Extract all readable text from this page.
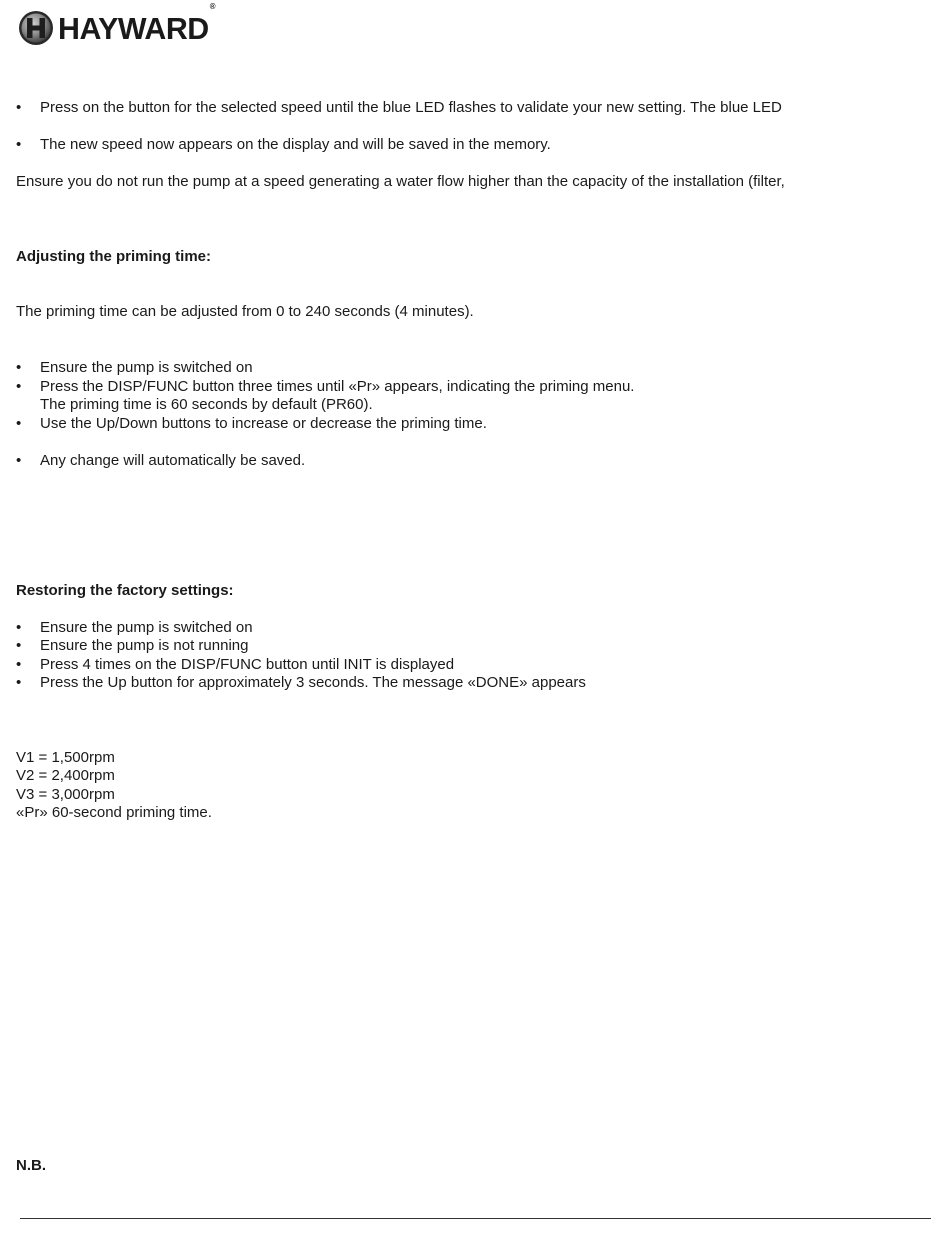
HAYWARD®
• Press on the button for the selected speed until the blue LED flashes to validate your new setting. The blue LED
• The new speed now appears on the display and will be saved in the memory.
Ensure you do not run the pump at a speed generating a water flow higher than the capacity of the installation (filter,
Adjusting the priming time:
The priming time can be adjusted from 0 to 240 seconds (4 minutes).
• Ensure the pump is switched on
• Press the DISP/FUNC button three times until «Pr» appears, indicating the priming menu.
The priming time is 60 seconds by default (PR60).
• Use the Up/Down buttons to increase or decrease the priming time.
• Any change will automatically be saved.
Restoring the factory settings:
• Ensure the pump is switched on
• Ensure the pump is not running
• Press 4 times on the DISP/FUNC button until INIT is displayed
• Press the Up button for approximately 3 seconds. The message «DONE» appears
V1 = 1,500rpm
V2 = 2,400rpm
V3 = 3,000rpm
«Pr» 60-second priming time.
N.B.
